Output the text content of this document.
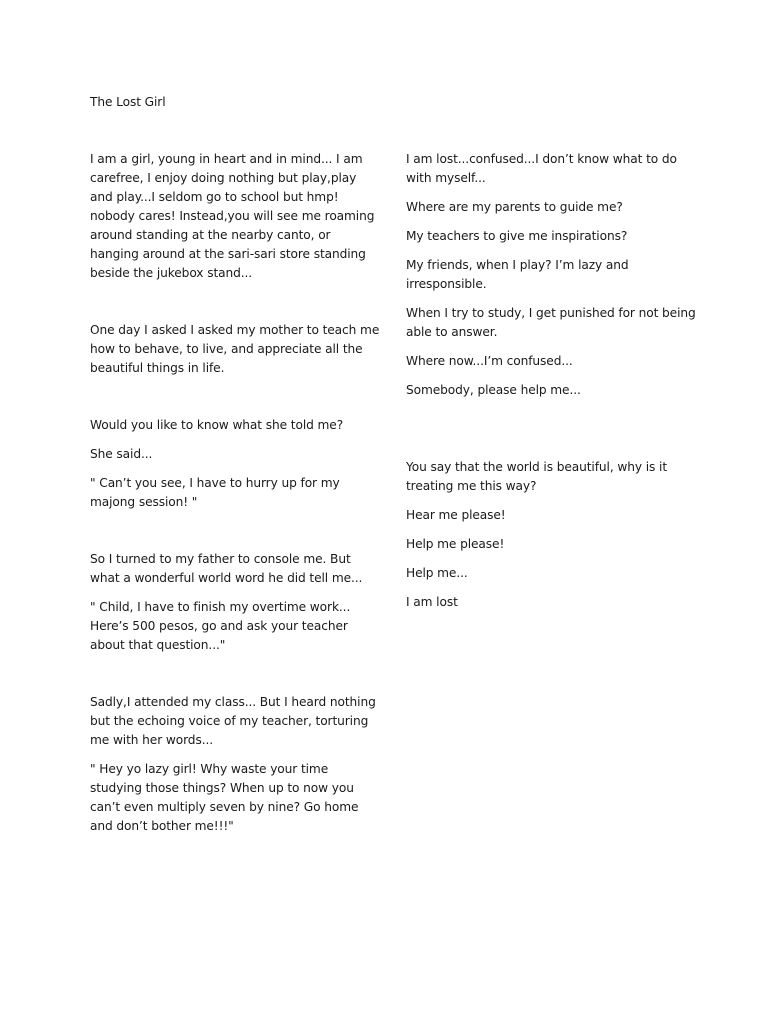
The Lost Girl

I am a girl, young in heart and in mind... I am carefree, I enjoy doing nothing but play,play and play...I seldom go to school but hmp! nobody cares! Instead,you will see me roaming around standing at the nearby canto, or hanging around at the sari-sari store standing beside the jukebox stand...

One day I asked I asked my mother to teach me how to behave, to live, and appreciate all the beautiful things in life.

Would you like to know what she told me?

She said...

" Can’t you see, I have to hurry up for my majong session! "

So I turned to my father to console me. But what a wonderful world word he did tell me...

" Child, I have to finish my overtime work... Here’s 500 pesos, go and ask your teacher about that question..."

Sadly,I attended my class... But I heard nothing but the echoing voice of my teacher, torturing me with her words...

" Hey yo lazy girl! Why waste your time studying those things? When up to now you can’t even multiply seven by nine? Go home and don’t bother me!!!"

I am lost...confused...I don’t know what to do with myself...

Where are my parents to guide me?

My teachers to give me inspirations?

My friends, when I play? I’m lazy and irresponsible.

When I try to study, I get punished for not being able to answer.

Where now...I’m confused...

Somebody, please help me...

You say that the world is beautiful, why is it treating me this way?

Hear me please!

Help me please!

Help me...

I am lost
